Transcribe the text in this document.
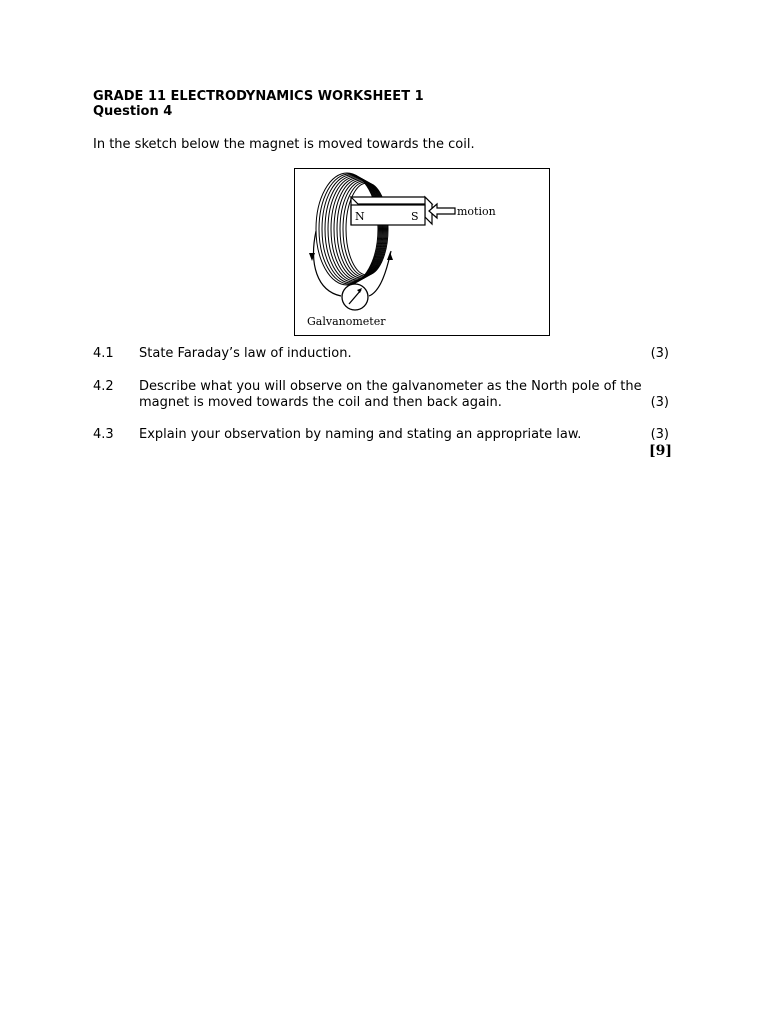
GRADE 11 ELECTRODYNAMICS WORKSHEET 1
Question 4
In the sketch below the magnet is moved towards the coil.
N	S	motion
Galvanometer
4.1 State Faraday’s law of induction.	(3)
4.2 Describe what you will observe on the galvanometer as the North pole of the magnet is moved towards the coil and then back again.	(3)
4.3 Explain your observation by naming and stating an appropriate law.	(3)
[9]
